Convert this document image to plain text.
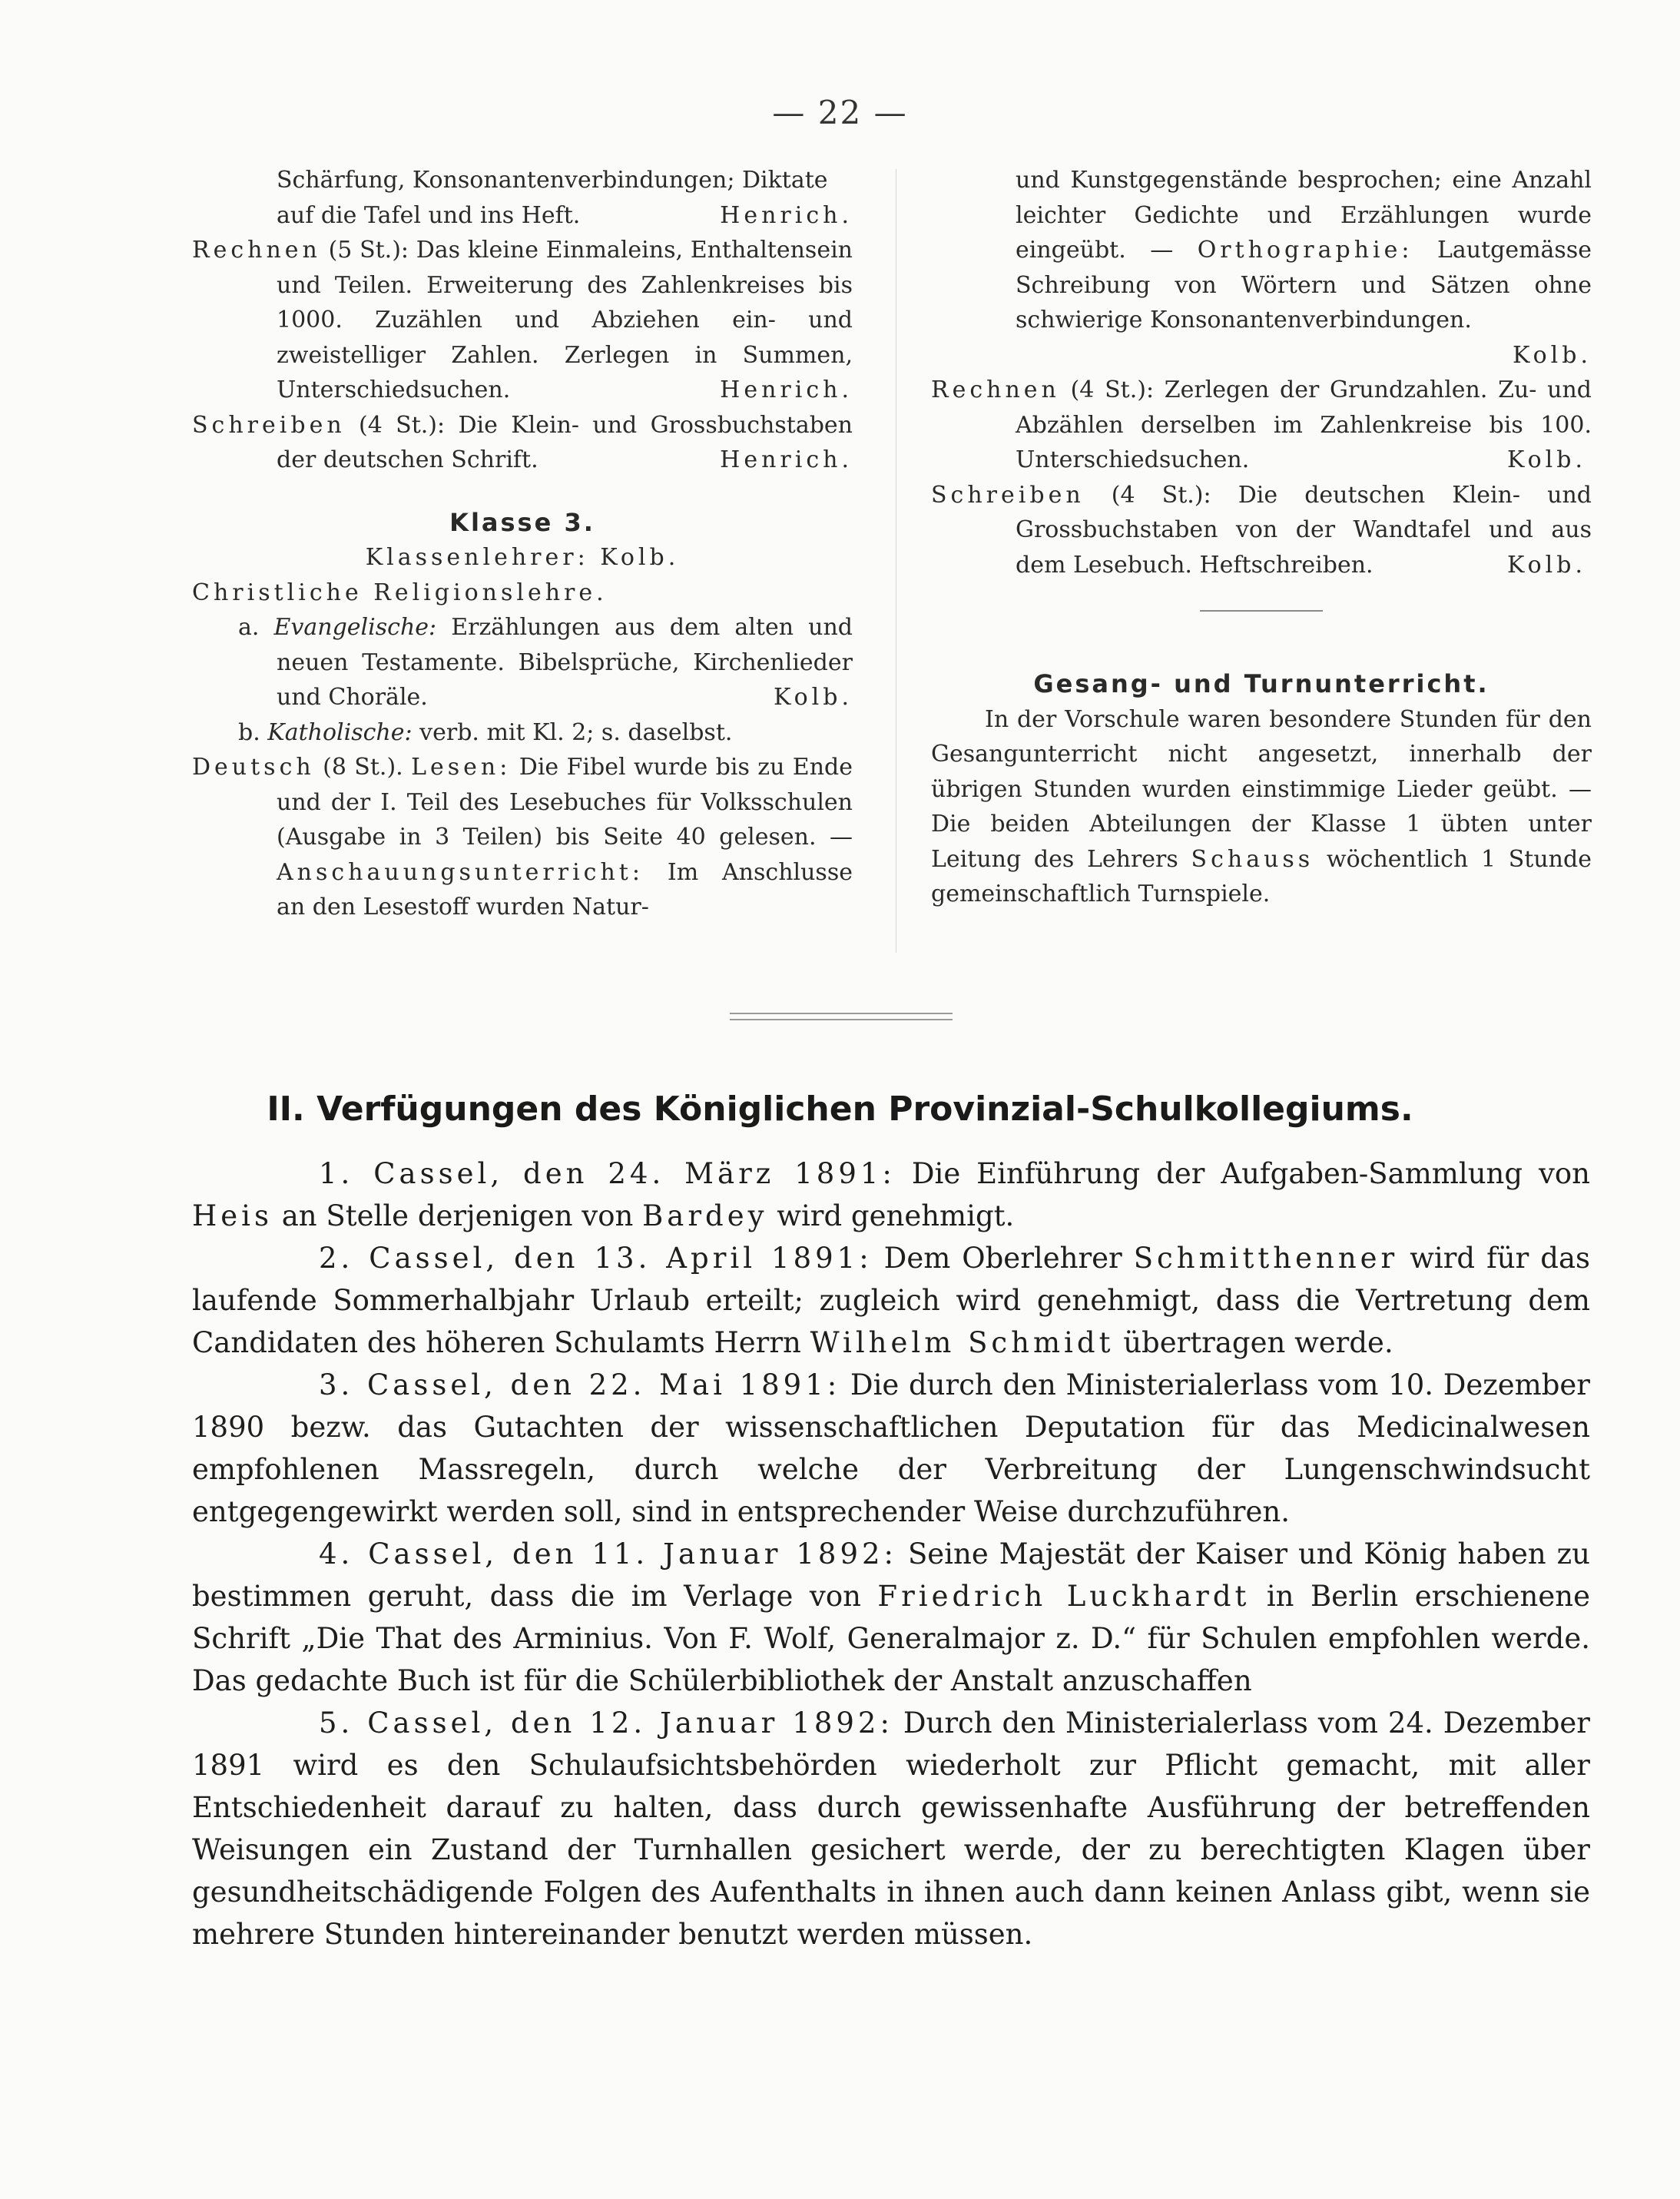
— 22 —

Schärfung, Konsonantenverbindungen; Diktate
auf die Tafel und ins Heft.	Henrich.

Rechnen (5 St.): Das kleine Einmaleins, Enthaltensein und Teilen. Erweiterung des Zahlenkreises bis 1000. Zuzählen und Abziehen ein- und zweistelliger Zahlen. Zerlegen in Summen, Unterschiedsuchen.	Henrich.

Schreiben (4 St.): Die Klein- und Grossbuchstaben der deutschen Schrift.	Henrich.

Klasse 3.

Klassenlehrer: Kolb.

Christliche Religionslehre.

a. Evangelische: Erzählungen aus dem alten und neuen Testamente. Bibelsprüche, Kirchenlieder und Choräle.	Kolb.

b. Katholische: verb. mit Kl. 2; s. daselbst.

Deutsch (8 St.). Lesen: Die Fibel wurde bis zu Ende und der I. Teil des Lesebuches für Volksschulen (Ausgabe in 3 Teilen) bis Seite 40 gelesen. — Anschauungsunterricht: Im Anschlusse an den Lesestoff wurden Natur-

und Kunstgegenstände besprochen; eine Anzahl leichter Gedichte und Erzählungen wurde eingeübt. — Orthographie: Lautgemässe Schreibung von Wörtern und Sätzen ohne schwierige Konsonantenverbindungen.

Kolb.

Rechnen (4 St.): Zerlegen der Grundzahlen. Zu- und Abzählen derselben im Zahlenkreise bis 100. Unterschiedsuchen.	Kolb.

Schreiben (4 St.): Die deutschen Klein- und Grossbuchstaben von der Wandtafel und aus dem Lesebuch. Heftschreiben.	Kolb.

Gesang- und Turnunterricht.

In der Vorschule waren besondere Stunden für den Gesangunterricht nicht angesetzt, innerhalb der übrigen Stunden wurden einstimmige Lieder geübt. — Die beiden Abteilungen der Klasse 1 übten unter Leitung des Lehrers Schauss wöchentlich 1 Stunde gemeinschaftlich Turnspiele.

II. Verfügungen des Königlichen Provinzial-Schulkollegiums.

1. Cassel, den 24. März 1891: Die Einführung der Aufgaben-Sammlung von Heis an Stelle derjenigen von Bardey wird genehmigt.

2. Cassel, den 13. April 1891: Dem Oberlehrer Schmitthenner wird für das laufende Sommerhalbjahr Urlaub erteilt; zugleich wird genehmigt, dass die Vertretung dem Candidaten des höheren Schulamts Herrn Wilhelm Schmidt übertragen werde.

3. Cassel, den 22. Mai 1891: Die durch den Ministerialerlass vom 10. Dezember 1890 bezw. das Gutachten der wissenschaftlichen Deputation für das Medicinalwesen empfohlenen Massregeln, durch welche der Verbreitung der Lungenschwindsucht entgegengewirkt werden soll, sind in entsprechender Weise durchzuführen.

4. Cassel, den 11. Januar 1892: Seine Majestät der Kaiser und König haben zu bestimmen geruht, dass die im Verlage von Friedrich Luckhardt in Berlin erschienene Schrift „Die That des Arminius. Von F. Wolf, Generalmajor z. D.“ für Schulen empfohlen werde. Das gedachte Buch ist für die Schülerbibliothek der Anstalt anzuschaffen

5. Cassel, den 12. Januar 1892: Durch den Ministerialerlass vom 24. Dezember 1891 wird es den Schulaufsichtsbehörden wiederholt zur Pflicht gemacht, mit aller Entschiedenheit darauf zu halten, dass durch gewissenhafte Ausführung der betreffenden Weisungen ein Zustand der Turnhallen gesichert werde, der zu berechtigten Klagen über gesundheitschädigende Folgen des Aufenthalts in ihnen auch dann keinen Anlass gibt, wenn sie mehrere Stunden hintereinander benutzt werden müssen.
